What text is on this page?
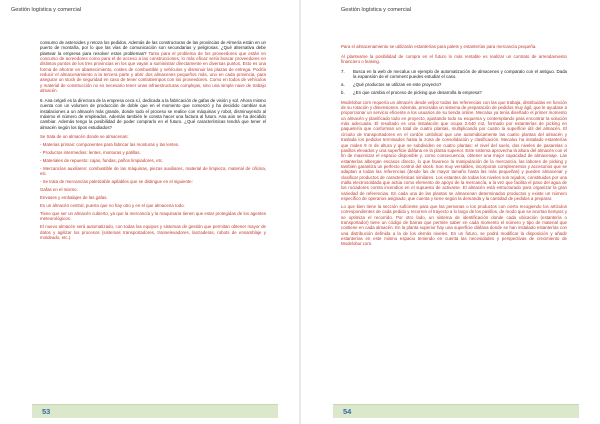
Gestión logística y comercial

consumo de asteroides y retoza los pedidos. Además de las constructoras de las provincias de Almería están en un puerto de montaña, por lo que las vías de comunicación son secundarias y peligrosas. ¿Qué alternativa debe plantear la empresa para resolver estos problemas? Tanto para el problema de los proveedores que están en concurso de acreedores como para el de acceso a las construcciones, lo más eficaz sería buscar proveedores en distintos puntos de los tres provincias en los que vayan a suministrar directamente en diversas puntos. Esto es una forma de ahorrar en abastecimiento, costes de combustible y vehículos y disminuir las plazas de entrega. Podría reducir el almacenamiento a la tercera parte y abrir dos almacenes pequeños más, uno en cada provincia, para asegurar un stock de seguridad en caso de tener contratiempos con los proveedores. Como en todos de vehículos y material de construcción no es necesario tener unas infraestructuras complejas, sino una simple nave de trabajo almacén.

6. Ana celgeli es la directora de la empresa ceca s.l, dedicada a la fabricación de gafas de visión y sol. Ahora mismo cuenta con un volumen de producción de doble que en el momento que comenzó y ha decidido cambiar sus instalaciones a un almacén más grande, donde todo el proceso se realice con máquinas y robot, disminuyendo al máximo el número de empleados. Además también le consta hacer una factura al futuro. Ana aún se ha decidido cambiar. Además tengo la posibilidad de poder comprarlo en el futuro. ¿Qué características tendrá que tener el almacén según los tipos estudiados?

Se trata de un almacén donde se almacenan:

- Materias primas: componentes para fabricar las monturas y las lentes.

- Productos intermedios: lentes, monturas y patillas.

- Materiales de repuesto: cajas, fundas, paños limpiadores, etc.

- Mercancías auxiliares: combustible de las máquinas, piezas auxiliares, material de limpieza, material de oficina, etc.

- Se trata de mercancías paletizable apilables que se distingue en el siguiente:

Gafas en el mismo.

Envases y embalajes de las gafas.

Es un almacén central, puesto que no hay otro y en el que almacena todo.

Tiene que ser un almacén cubierto, ya que la mercancía y la maquinaria tienen que estar protegidas de los agentes meteorológicos.

El nuevo almacén será automatizado, con todas las equipos y sistemas de gestión que permitan obtener mayor de datos y agilizar los procesos (sistemas transportadores, transelevadores, lanzaderas, robots de ensamblaje y moldeado, etc.).

53
Gestión logística y comercial

Para el almacenamiento se utilizarán estanterías para palets y estanterías para mercancía pequeña.

Al plantearse la posibilidad de compra en el futuro lo más rentable es realizar un contrato de arrendamiento financiero o leasing.

7.	Busca en la web de mecalux un ejemplo de automatización de almacenes y comparalo con el antiguo. Dada la expansión de el comment puedes estudiar el caso.

a.	¿Qué productos se utilizan en este proyecto?

b.	¿En que cambia el proceso de picking que desarrolla la empresa?

Modelobur.com requería un almacén desde veljoz todas las referencias con las que trabaja, distribuidas en función de su rotación y dimensiones. Además, precisaba un sistema de preparación de pedidos muy ágil, que le ayudase a proporcionar un servicio eficiente a los usuarios de su tienda online. Mecalux ya tenía diseñado el primer momento un almacén y planificado todo en proyecto, ajustando todo su esquema y contemplando para encontrar la solución más adecuada. El resultado es una instalación que ocupa 2.640 m2, formado por estanterías de picking en paquetería que conforman un total de cuatro plantas, multiplicando por cuatro la superficie útil del almacén. El circuito de transportadores en el cordón umbilical que une automáticamente las cuatro plantas del almacén y traslada los pedidos terminados hasta la zona de consolidación y clasificación. Mecalux ha instalado estanterías que miden 9 m de altura y que se subdividen en cuatro plantas: el nivel del suelo, dos niveles de pasarelas o pasillos elevados y una superficie diáfana en la planta superior. Este sistema aprovecha la altura del almacén con el fin de maximizar el espacio disponible y, como consecuencia, obtener una mejor capacidad de almacenaje. Las estanterías albergan escasos directo, lo que favorece la manipulación de la mercancía, las labores de picking y también garantiza un perfecto control del stock. Son muy versátiles, incorporan complementos y accesorios que se adaptan a todas las referencias (desde las de mayor tamaño hasta las más pequeñas) y pueden almacenar y clasificar productos de características similares. Los estantes de todas los niveles son rejados, constituidos por una malla electrosoldada que actúa como elemento de apoyo de la mercancía, a la vez que facilita el paso del agua de los rociadores contra incendios en el supuesto de activarse. El almacén está estructurado para organizar la gran variedad de referencias. En cada una de las plantas se almacenan determinados productos y existe un número específico de operarios asignado, que cuenta y tiene según la demanda y la cantidad de pedidos a preparar.

Lo que bien tiene la sección suficiente para que las personas o los productos con cierto recogiendo los artículos correspondientes de cada pedido y recorren el trayecto a lo largo de los pasillos, de modo que se acortan tiempos y se optimiza el recorrido. Por otro lado, un sistema de identificación donde cada ubicación (estantería o transportador) tiene un código de barras que permite saber en cada momento el número y tipo de material que contiene en cada almacén. En la planta superior hay una superficie diáfana donde se han instalado estanterías con una distribución definida a la de los demás niveles. En un futuro, se podrá modificar la disposición y añadir estanterías en este mismo espacio teniendo en cuenta las necesidades y perspectivas de crecimiento de Modelobur.com.

54
